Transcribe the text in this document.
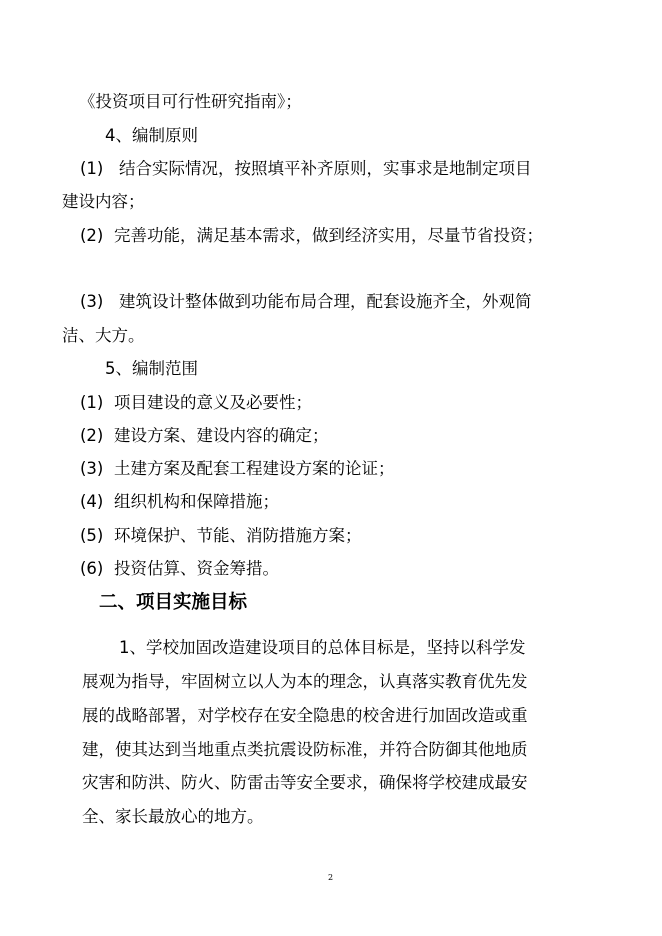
《投资项目可行性研究指南》；
4、编制原则
(1) 结合实际情况，按照填平补齐原则，实事求是地制定项目
建设内容；
(2) 完善功能，满足基本需求，做到经济实用，尽量节省投资；
(3) 建筑设计整体做到功能布局合理，配套设施齐全，外观简
洁、大方。
5、编制范围
(1) 项目建设的意义及必要性；
(2) 建设方案、建设内容的确定；
(3) 土建方案及配套工程建设方案的论证；
(4) 组织机构和保障措施；
(5) 环境保护、节能、消防措施方案；
(6) 投资估算、资金筹措。
二、项目实施目标
1、学校加固改造建设项目的总体目标是，坚持以科学发
展观为指导，牢固树立以人为本的理念，认真落实教育优先发
展的战略部署，对学校存在安全隐患的校舍进行加固改造或重
建，使其达到当地重点类抗震设防标准，并符合防御其他地质
灾害和防洪、防火、防雷击等安全要求，确保将学校建成最安
全、家长最放心的地方。
2
